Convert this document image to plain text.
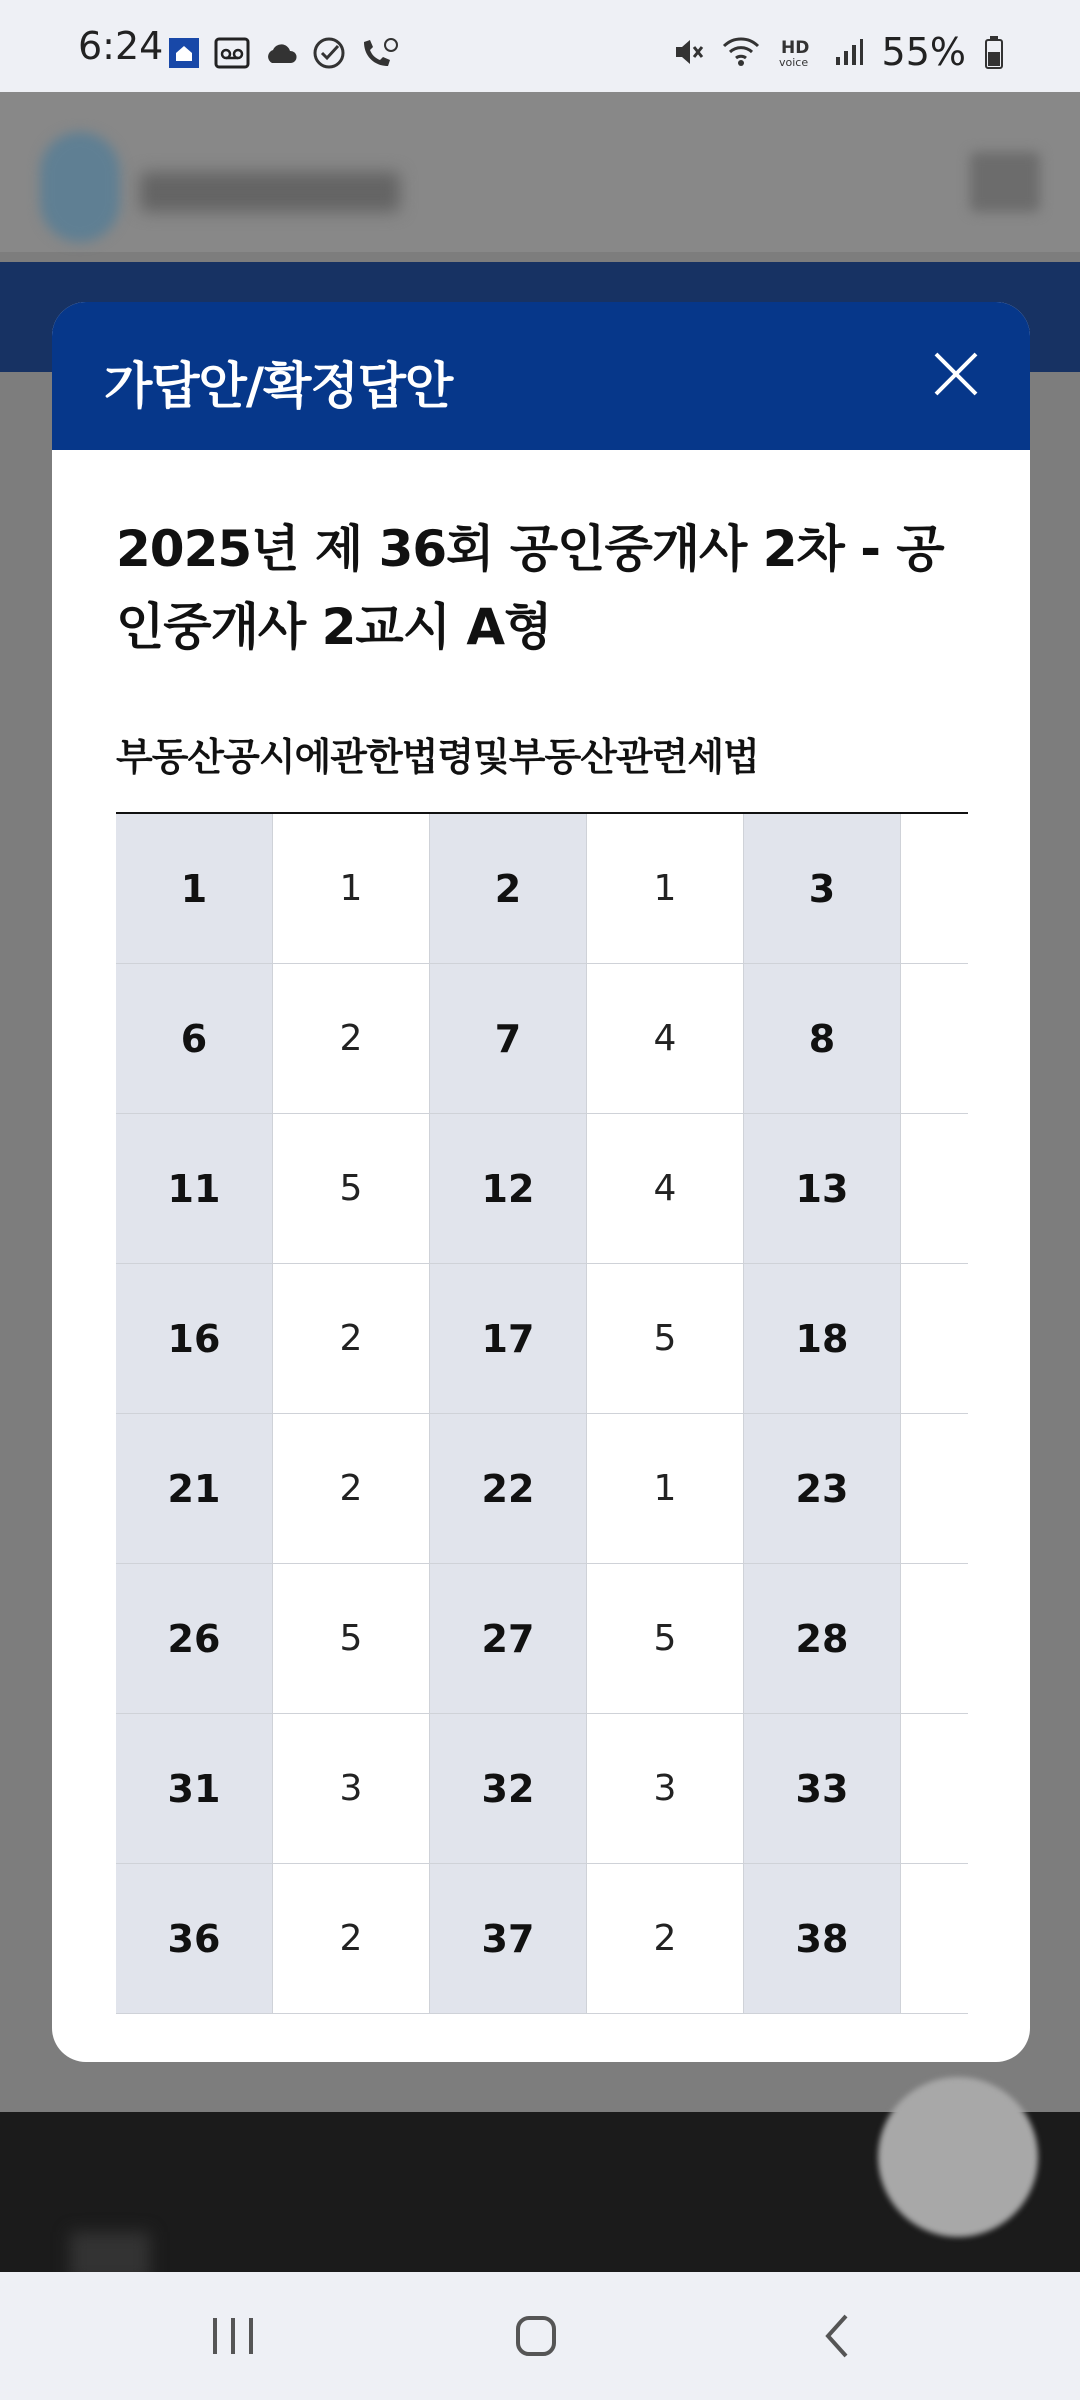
6:24	HD
voice 55%
가답안/확정답안
2025년 제 36회 공인중개사 2차 - 공인중개사 2교시 A형
부동산공시에관한법령및부동산관련세법
1	1	2	1	3
6	2	7	4	8
11	5	12	4	13
16	2	17	5	18
21	2	22	1	23
26	5	27	5	28
31	3	32	3	33
36	2	37	2	38
